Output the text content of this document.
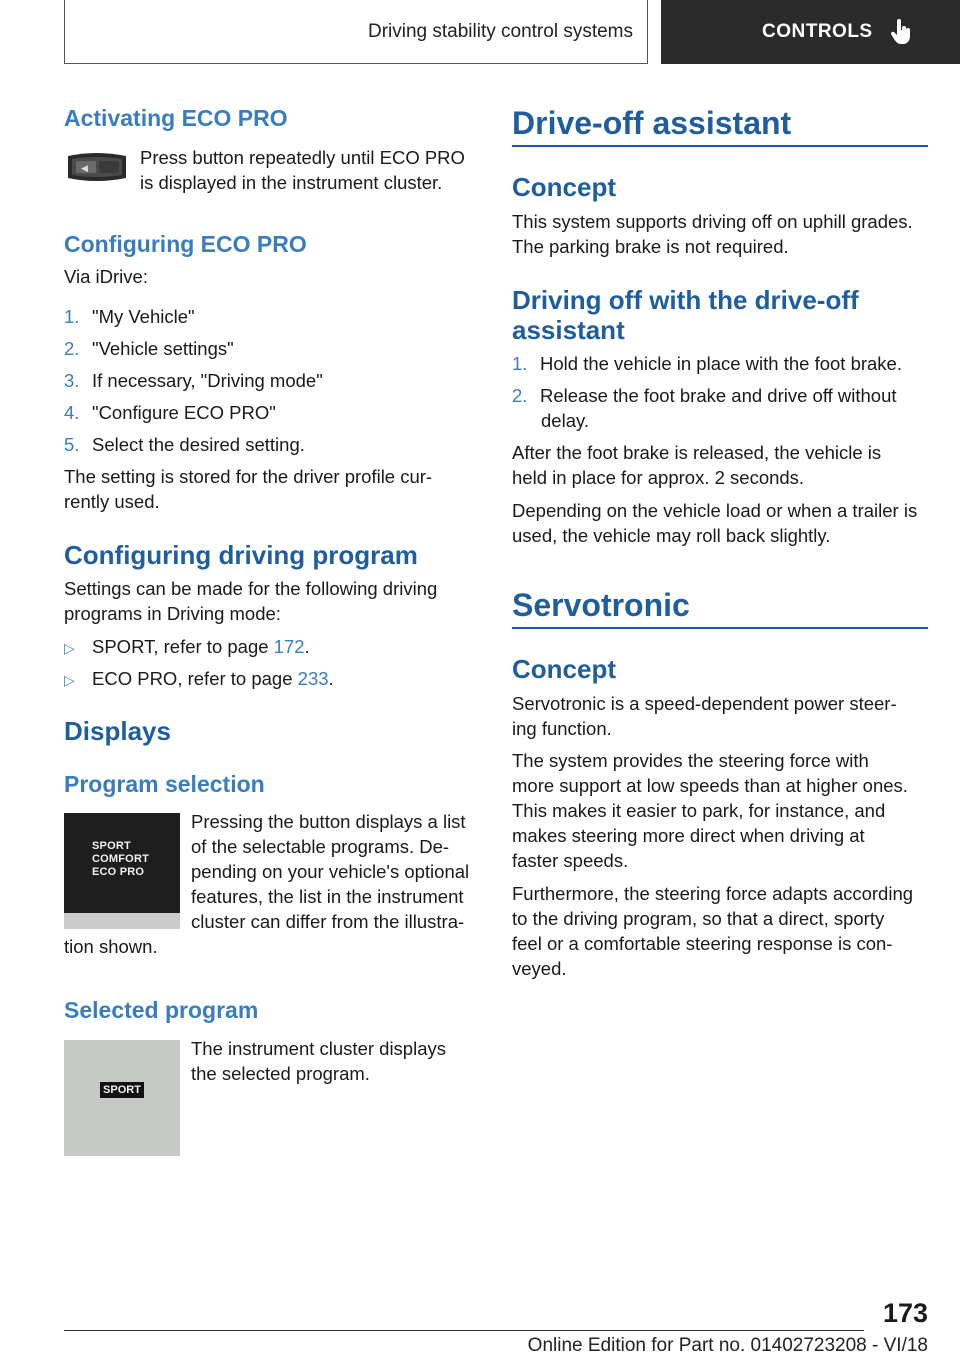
Driving stability control systems	CONTROLS
Activating ECO PRO
◀
Press button repeatedly until ECO PRO
is displayed in the instrument cluster.
Configuring ECO PRO
Via iDrive:
1. "My Vehicle"
2. "Vehicle settings"
3. If necessary, "Driving mode"
4. "Configure ECO PRO"
5. Select the desired setting.
The setting is stored for the driver profile cur-
rently used.
Configuring driving program
Settings can be made for the following driving
programs in Driving mode:
▷ SPORT, refer to page 172.
▷ ECO PRO, refer to page 233.
Displays
Program selection
SPORT
COMFORT
ECO PRO
Pressing the button displays a list
of the selectable programs. De-
pending on your vehicle's optional
features, the list in the instrument
cluster can differ from the illustra-
tion shown.
Selected program
SPORT
The instrument cluster displays
the selected program.
Drive-off assistant
Concept
This system supports driving off on uphill grades.
The parking brake is not required.
Driving off with the drive-off
assistant
1. Hold the vehicle in place with the foot brake.
2. Release the foot brake and drive off without
delay.
After the foot brake is released, the vehicle is
held in place for approx. 2 seconds.
Depending on the vehicle load or when a trailer is
used, the vehicle may roll back slightly.
Servotronic
Concept
Servotronic is a speed-dependent power steer-
ing function.
The system provides the steering force with
more support at low speeds than at higher ones.
This makes it easier to park, for instance, and
makes steering more direct when driving at
faster speeds.
Furthermore, the steering force adapts according
to the driving program, so that a direct, sporty
feel or a comfortable steering response is con-
veyed.
173
Online Edition for Part no. 01402723208 - VI/18
